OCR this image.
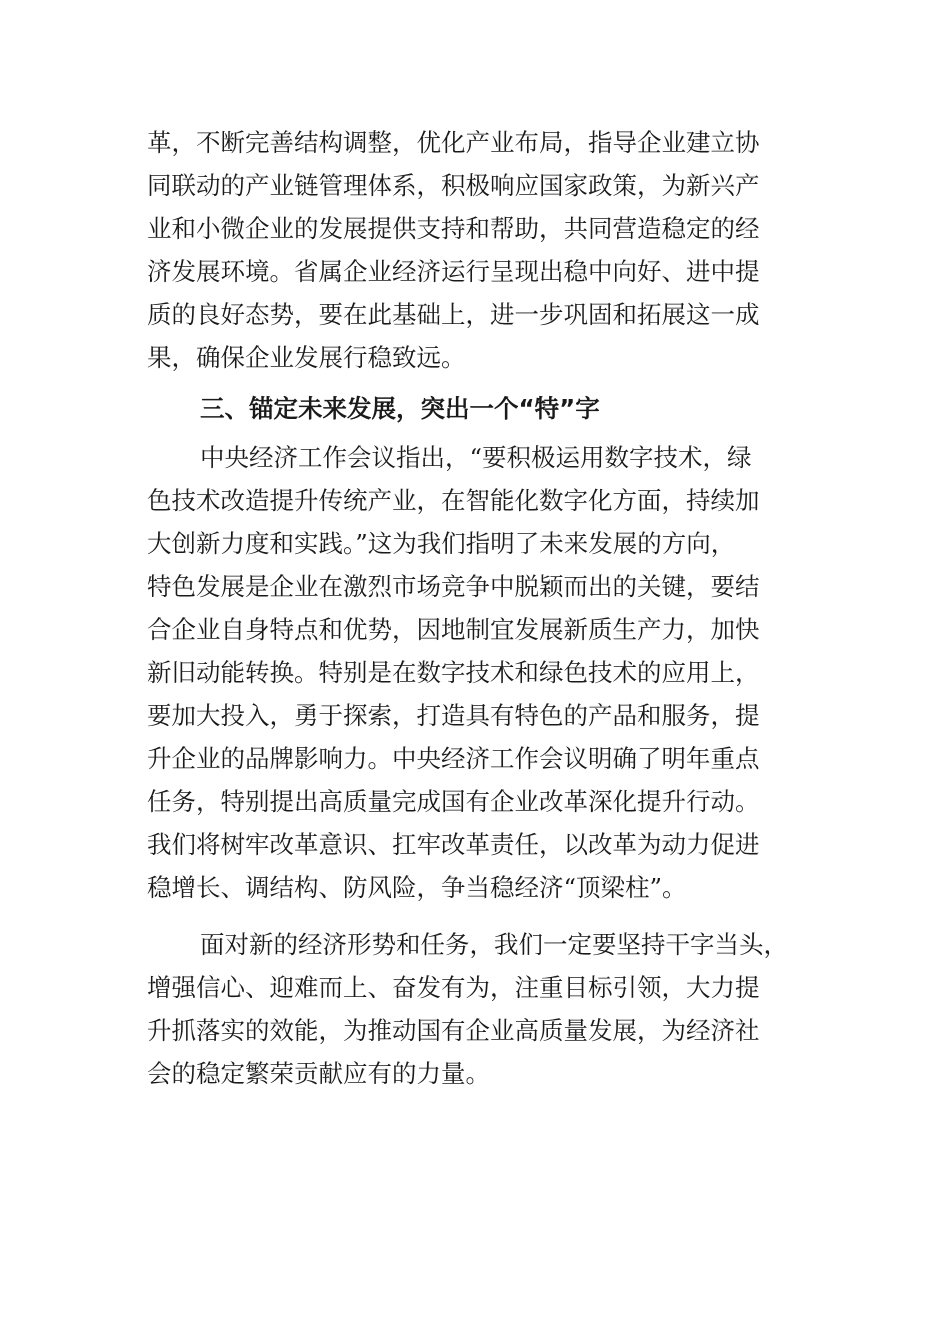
革，不断完善结构调整，优化产业布局，指导企业建立协
同联动的产业链管理体系，积极响应国家政策，为新兴产
业和小微企业的发展提供支持和帮助，共同营造稳定的经
济发展环境。省属企业经济运行呈现出稳中向好、进中提
质的良好态势，要在此基础上，进一步巩固和拓展这一成
果，确保企业发展行稳致远。
三、锚定未来发展，突出一个“特”字
中央经济工作会议指出，“要积极运用数字技术，绿
色技术改造提升传统产业，在智能化数字化方面，持续加
大创新力度和实践。”这为我们指明了未来发展的方向，
特色发展是企业在激烈市场竞争中脱颖而出的关键，要结
合企业自身特点和优势，因地制宜发展新质生产力，加快
新旧动能转换。特别是在数字技术和绿色技术的应用上，
要加大投入，勇于探索，打造具有特色的产品和服务，提
升企业的品牌影响力。中央经济工作会议明确了明年重点
任务，特别提出高质量完成国有企业改革深化提升行动。
我们将树牢改革意识、扛牢改革责任，以改革为动力促进
稳增长、调结构、防风险，争当稳经济“顶梁柱”。
面对新的经济形势和任务，我们一定要坚持干字当头，
增强信心、迎难而上、奋发有为，注重目标引领，大力提
升抓落实的效能，为推动国有企业高质量发展，为经济社
会的稳定繁荣贡献应有的力量。
